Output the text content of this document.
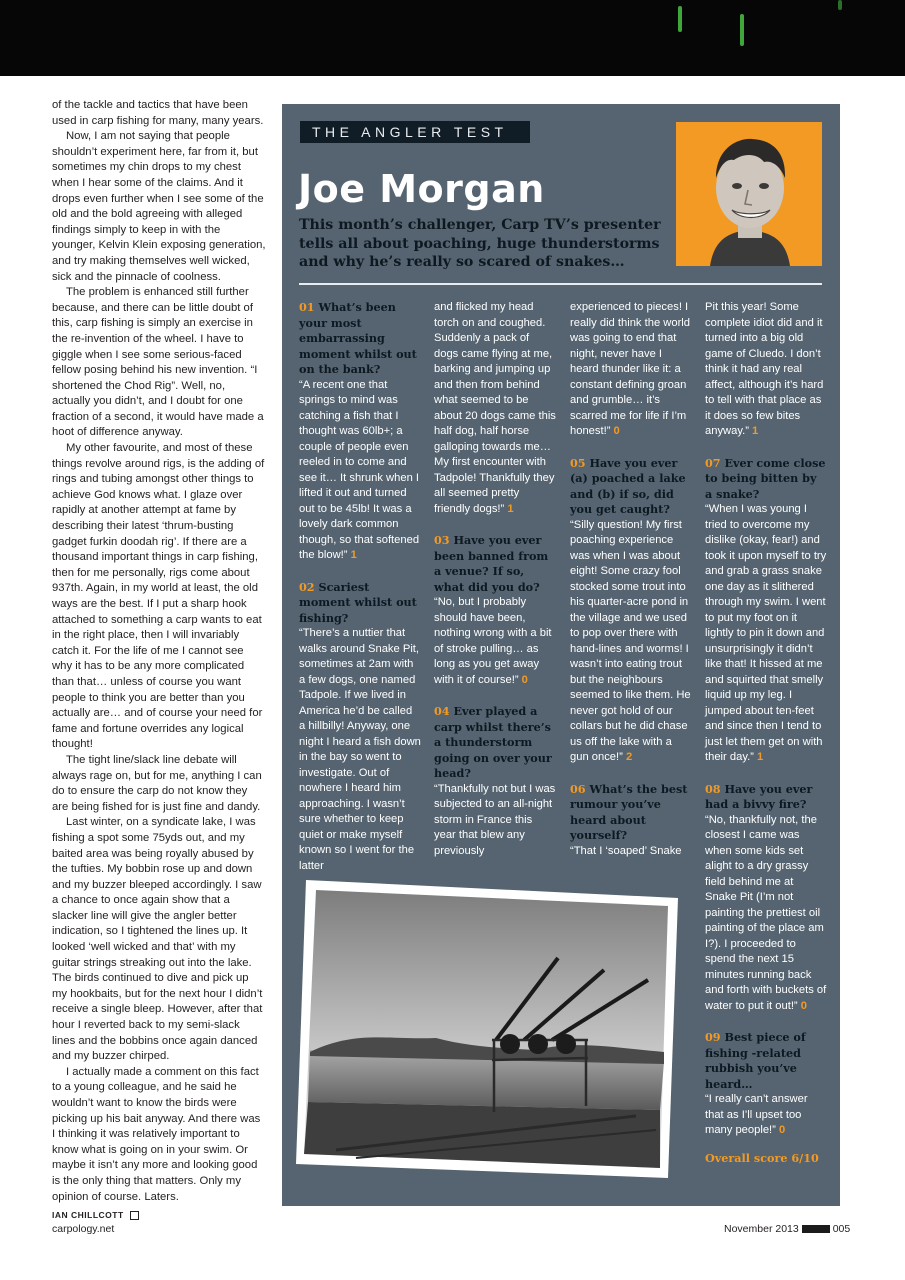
of the tackle and tactics that have been used in carp fishing for many, many years.

Now, I am not saying that people shouldn’t experiment here, far from it, but sometimes my chin drops to my chest when I hear some of the claims. And it drops even further when I see some of the old and the bold agreeing with alleged findings simply to keep in with the younger, Kelvin Klein exposing generation, and try making themselves well wicked, sick and the pinnacle of coolness.

The problem is enhanced still further because, and there can be little doubt of this, carp fishing is simply an exercise in the re-invention of the wheel. I have to giggle when I see some serious-faced fellow posing behind his new invention. “I shortened the Chod Rig”. Well, no, actually you didn’t, and I doubt for one fraction of a second, it would have made a hoot of difference anyway.

My other favourite, and most of these things revolve around rigs, is the adding of rings and tubing amongst other things to achieve God knows what. I glaze over rapidly at another attempt at fame by describing their latest ‘thrum-busting gadget furkin doodah rig’. If there are a thousand important things in carp fishing, then for me personally, rigs come about 937th. Again, in my world at least, the old ways are the best. If I put a sharp hook attached to something a carp wants to eat in the right place, then I will invariably catch it. For the life of me I cannot see why it has to be any more complicated than that… unless of course you want people to think you are better than you actually are… and of course your need for fame and fortune overrides any logical thought!

The tight line/slack line debate will always rage on, but for me, anything I can do to ensure the carp do not know they are being fished for is just fine and dandy.

Last winter, on a syndicate lake, I was fishing a spot some 75yds out, and my baited area was being royally abused by the tufties. My bobbin rose up and down and my buzzer bleeped accordingly. I saw a chance to once again show that a slacker line will give the angler better indication, so I tightened the lines up. It looked ‘well wicked and that’ with my guitar strings streaking out into the lake. The birds continued to dive and pick up my hookbaits, but for the next hour I didn’t receive a single bleep. However, after that hour I reverted back to my semi-slack lines and the bobbins once again danced and my buzzer chirped.

I actually made a comment on this fact to a young colleague, and he said he wouldn’t want to know the birds were picking up his bait anyway. And there was I thinking it was relatively important to know what is going on in your swim. Or maybe it isn’t any more and looking good is the only thing that matters. Only my opinion of course. Laters.

IAN CHILLCOTT
THE ANGLER TEST
Joe Morgan
This month’s challenger, Carp TV’s presenter tells all about poaching, huge thunderstorms and why he’s really so scared of snakes…
01 What’s been your most embarrassing moment whilst out on the bank?
“A recent one that springs to mind was catching a fish that I thought was 60lb+; a couple of people even reeled in to come and see it… It shrunk when I lifted it out and turned out to be 45lb! It was a lovely dark common though, so that softened the blow!” 1
02 Scariest moment whilst out fishing?
“There’s a nuttier that walks around Snake Pit, sometimes at 2am with a few dogs, one named Tadpole. If we lived in America he’d be called a hillbilly! Anyway, one night I heard a fish down in the bay so went to investigate. Out of nowhere I heard him approaching. I wasn’t sure whether to keep quiet or make myself known so I went for the latter
and flicked my head torch on and coughed. Suddenly a pack of dogs came flying at me, barking and jumping up and then from behind what seemed to be about 20 dogs came this half dog, half horse galloping towards me… My first encounter with Tadpole! Thankfully they all seemed pretty friendly dogs!” 1
03 Have you ever been banned from a venue? If so, what did you do?
“No, but I probably should have been, nothing wrong with a bit of stroke pulling… as long as you get away with it of course!” 0
04 Ever played a carp whilst there’s a thunderstorm going on over your head?
“Thankfully not but I was subjected to an all-night storm in France this year that blew any previously
experienced to pieces! I really did think the world was going to end that night, never have I heard thunder like it: a constant defining groan and grumble… it’s scarred me for life if I’m honest!” 0
05 Have you ever (a) poached a lake and (b) if so, did you get caught?
“Silly question! My first poaching experience was when I was about eight! Some crazy fool stocked some trout into his quarter-acre pond in the village and we used to pop over there with hand-lines and worms! I wasn’t into eating trout but the neighbours seemed to like them. He never got hold of our collars but he did chase us off the lake with a gun once!” 2
06 What’s the best rumour you’ve heard about yourself?
“That I ‘soaped’ Snake
Pit this year! Some complete idiot did and it turned into a big old game of Cluedo. I don’t think it had any real affect, although it’s hard to tell with that place as it does so few bites anyway.” 1
07 Ever come close to being bitten by a snake?
“When I was young I tried to overcome my dislike (okay, fear!) and took it upon myself to try and grab a grass snake one day as it slithered through my swim. I went to put my foot on it lightly to pin it down and unsurprisingly it didn’t like that! It hissed at me and squirted that smelly liquid up my leg. I jumped about ten-feet and since then I tend to just let them get on with their day.” 1
08 Have you ever had a bivvy fire?
“No, thankfully not, the closest I came was when some kids set alight to a dry grassy field behind me at Snake Pit (I’m not painting the prettiest oil painting of the place am I?). I proceeded to spend the next 15 minutes running back and forth with buckets of water to put it out!” 0
09 Best piece of fishing -related rubbish you’ve heard…
“I really can’t answer that as I’ll upset too many people!” 0
Overall score 6/10
carpology.net	November 2013	005
